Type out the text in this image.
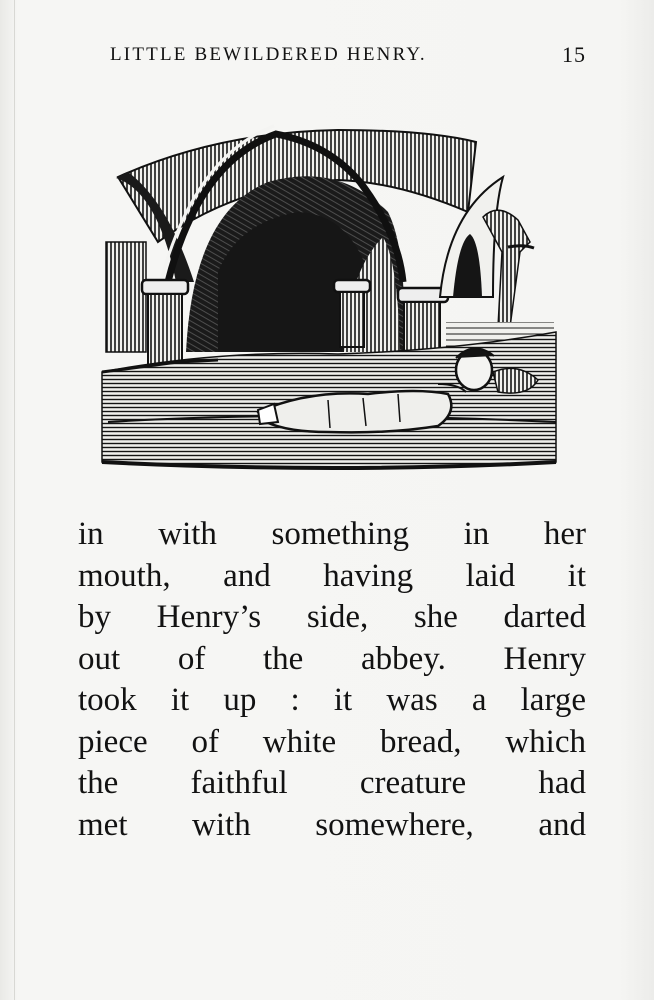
LITTLE BEWILDERED HENRY.	15
in with something in her
mouth, and having laid it
by Henry’s side, she darted
out of the abbey. Henry
took it up : it was a large
piece of white bread, which
the faithful creature had
met with somewhere, and
